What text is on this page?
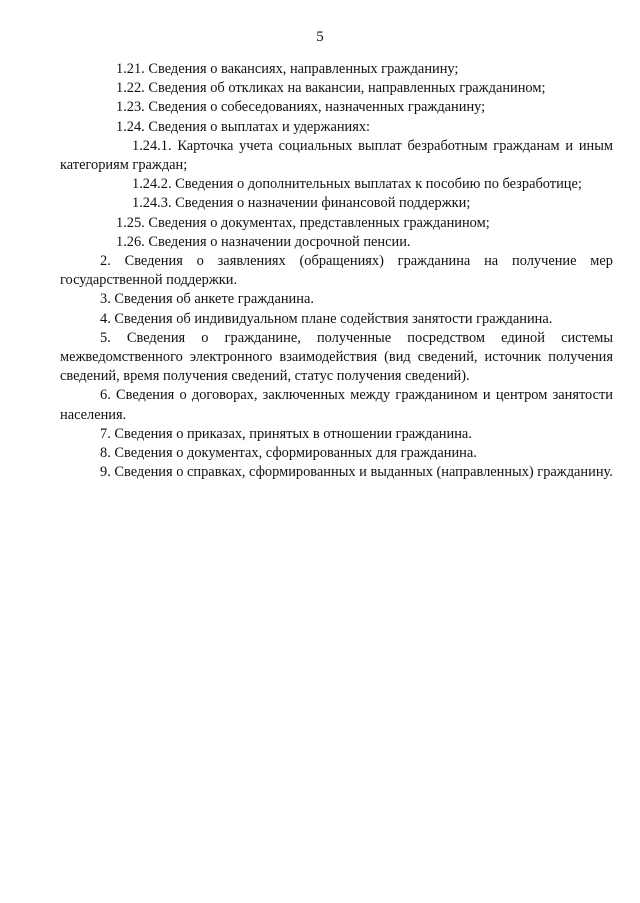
5

1.21. Сведения о вакансиях, направленных гражданину;

1.22. Сведения об откликах на вакансии, направленных гражданином;

1.23. Сведения о собеседованиях, назначенных гражданину;

1.24. Сведения о выплатах и удержаниях:

1.24.1. Карточка учета социальных выплат безработным гражданам и иным категориям граждан;

1.24.2. Сведения о дополнительных выплатах к пособию по безработице;

1.24.3. Сведения о назначении финансовой поддержки;

1.25. Сведения о документах, представленных гражданином;

1.26. Сведения о назначении досрочной пенсии.

2. Сведения о заявлениях (обращениях) гражданина на получение мер государственной поддержки.

3. Сведения об анкете гражданина.

4. Сведения об индивидуальном плане содействия занятости гражданина.

5. Сведения о гражданине, полученные посредством единой системы межведомственного электронного взаимодействия (вид сведений, источник получения сведений, время получения сведений, статус получения сведений).

6. Сведения о договорах, заключенных между гражданином и центром занятости населения.

7. Сведения о приказах, принятых в отношении гражданина.

8. Сведения о документах, сформированных для гражданина.

9. Сведения о справках, сформированных и выданных (направленных) гражданину.
